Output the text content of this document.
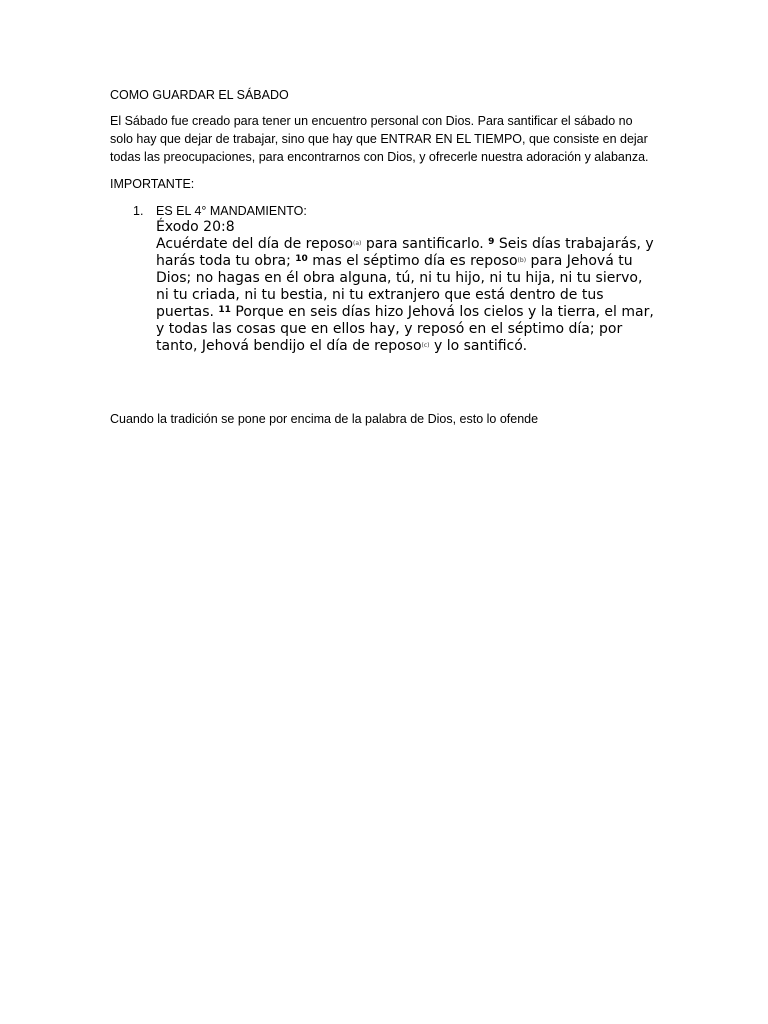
COMO GUARDAR EL SÁBADO

El Sábado fue creado para tener un encuentro personal con Dios. Para santificar el sábado no solo hay que dejar de trabajar, sino que hay que ENTRAR EN EL TIEMPO, que consiste en dejar todas las preocupaciones, para encontrarnos con Dios, y ofrecerle nuestra adoración y alabanza.

IMPORTANTE:

1. ES EL 4° MANDAMIENTO:

Éxodo 20:8

Acuérdate del día de reposo$^{(a)}$ para santificarlo. $^9$ Seis días trabajarás, y harás toda tu obra; $^{10}$ mas el séptimo día es reposo$^{(b)}$ para Jehová tu Dios; no hagas en él obra alguna, tú, ni tu hijo, ni tu hija, ni tu siervo, ni tu criada, ni tu bestia, ni tu extranjero que está dentro de tus puertas. $^{11}$ Porque en seis días hizo Jehová los cielos y la tierra, el mar, y todas las cosas que en ellos hay, y reposó en el séptimo día; por tanto, Jehová bendijo el día de reposo$^{(c)}$ y lo santificó.

Cuando la tradición se pone por encima de la palabra de Dios, esto lo ofende
